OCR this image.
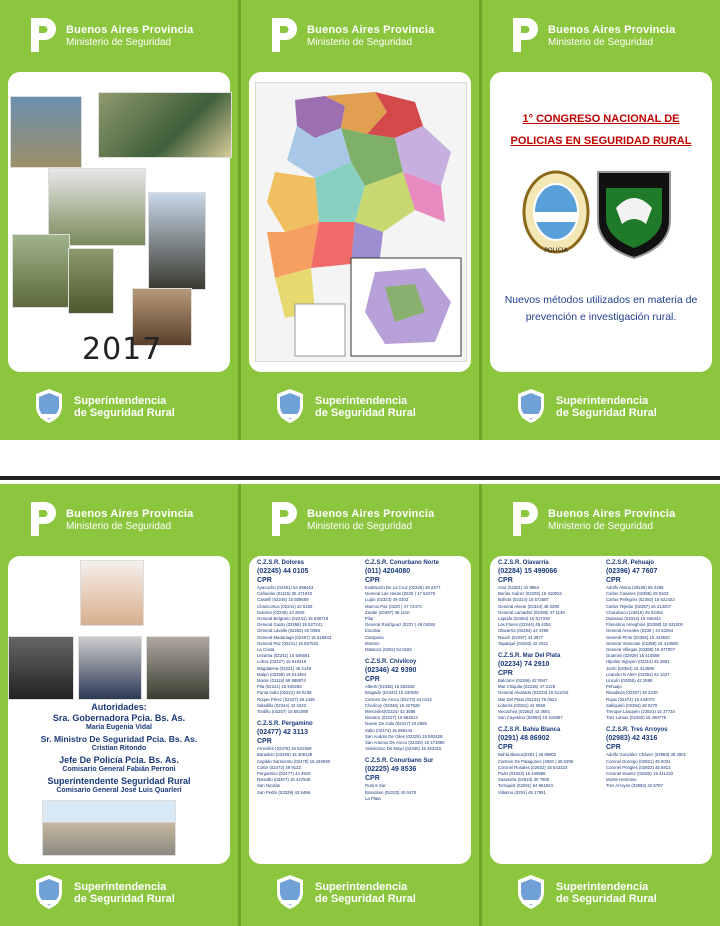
Buenos Aires Provincia
Ministerio de Seguridad
2017
Superintendencia
de Seguridad Rural
Buenos Aires Provincia
Ministerio de Seguridad
Superintendencia
de Seguridad Rural
Buenos Aires Provincia
Ministerio de Seguridad
1° CONGRESO NACIONAL DE
POLICIAS EN SEGURIDAD RURAL
POLICIA
Nuevos métodos utilizados en materia de
prevención e investigación rural.
Superintendencia
de Seguridad Rural
Buenos Aires Provincia
Ministerio de Seguridad
Autoridades:
Sra. Gobernadora Pcia. Bs. As.
María Eugenia Vidal
Sr. Ministro De Seguridad Pcia. Bs. As.
Cristian Ritondo
Jefe De Policía Pcia. Bs. As.
Comisario General Fabián Perroni
Superintendente Seguridad Rural
Comisario General José Luis Quarleri
Superintendencia
de Seguridad Rural
Buenos Aires Provincia
Ministerio de Seguridad
C.Z.S.R. Dolores
(02245) 44 0105
CPR
Ayacucho (02491) 54 696463
Cañuelas (01115) 35 471910
Castelli (02245) 15 508659
Chascomus (02241) 42 5193
Dolores (02245) 44 2826
General Belgrano (02241) 15 538718
General Guido (02268) 15 527241
General Lavalle (02252) 40 0068
General Madariaga (02267) 15 518843
General Paz (02241) 15 557532
La Costa
Lezama (02241) 15 546591
Lobos (02227) 15 618318
Magdalena (02221) 45 2149
Maipú (02268) 15 514464
Monte (01115) 69 888974
Pila (02241) 15 540266
Punta Indio (02221) 49 0238
Roque Pérez (02227) 49 1436
Saladillo (02344) 43 4223
Tordillo (02257) 15 581890
C.Z.S.R. Pergamino
(02477) 42 3113
CPR
Arrecifes (02478) 15 522369
Baradero (03329) 15 309135
Capitán Sarmiento (02478) 15 449090
Colón (02473) 49 9132
Pergamino (02477) 44 4919
Ramallo (03407) 15 447540
San Nicolás
San Pedro (03329) 43 5466
C.Z.S.R. Conurbano Norte
(011) 4204080
CPR
Exaltación De La Cruz (02326) 49 2377
General Las Heras (0220 ) 47 63479
Luján (02323) 49 0203
Marcos Paz (0220 ) 47 74473
Zarate (03487) 48 1110
Pilar
General Rodríguez (0237 ) 49 04084
Escobar
Campana
Moreno
Matanza (0202) 54 0182
C.Z.S.R. Chivilcoy
(02346) 42 9390
CPR
Alberti (02346) 15 552628
Bragado (02342) 15 430630
Carmen De Areco (02273) 44 0142
Chivilcoy (02346) 15 427528
Mercedes(02324) 43 3588
Navarro (02227) 15 563813
Nueve De Julio (02317) 43 2955
Salto (02474) 15 669142
San Andrés De Giles (02325) 15 592428
San Antonio De Areco (02325) 15 471890
Veinticinco De Mayo (02345) 15 462315
C.Z.S.R. Conurbano Sur
(02225) 49 8536
CPR
Ruta 6 Sur
Brandsen (02223) 40 0470
La Plata
Superintendencia
de Seguridad Rural
Buenos Aires Provincia
Ministerio de Seguridad
C.Z.S.R. Olavarría
(02284) 15 499066
CPR
Azul (02281) 42 8954
Benito Juárez (02292) 15 410022
Bolívar (02314) 15 572587
General Alvear (02344) 48 0280
General Lamadrid (02286) 47 1146
Laprida (02284) 15 517330
Las Flores (02244) 45 4354
Olavarría (02284) 44 4495
Rauch (02297) 44 3877
Tapalqué (02283) 42 0321
C.Z.S.R. Mar Del Plata
(02234) 74 2910
CPR
Balcarce (02266) 42 0947
Mar Chiquita (02235) 47 2128
General Alvarado (02223) 15 511043
Mar Del Plata (02234) 76 0624
Lobería (02261) 44 0969
Necochea (02262) 42 3691
San Cayetano (02983) 15 415087
C.Z.S.R. Bahía Blanca
(0291) 48 86902
CPR
Bahía Blanca(0291 ) 48 86902
Carmen De Patagones (2920 ) 26 0205
Coronel Rosales (02932) 15 543323
Puán (02923) 15 449966
Saavedra (02923) 40 7900
Tornquist (02291) 54 961524
Villarino (0291) 49 17951
C.Z.S.R. Pehuajo
(02396) 47 7607
CPR
Adolfo Alsina (29236) 65 2268
Carlos Casares (02395) 49 9103
Carlos Pellegrini (02392) 15 622422
Carlos Tejedor (02357) 15 413207
Chacabuco (23615) 45 53462
Daireaux (02314) 15 446334
Florentino Ameghino (03388) 15 531000
General Arenales (0236 ) 44 63264
General Pinto (02355) 15 443520
General Viamonte (02358) 15 410680
General Villegas (03388) 15 677007
Guamini (02929) 15 410558
Hipolito Irigoyen (02314) 45 2691
Junín (02364) 15 413695
Leandro N Alem (02354) 42 1427
Lincoln (02355) 42 2998
Pehuajo
Rivadavia (02337) 45 2230
Rojas (02474) 15 443070
Salliqueló (02394) 48 0270
Trenque Lauquen (23921) 15 37734
Tres Lomas (02392) 15 480776
C.Z.S.R. Tres Arroyos
(02983) 42 4316
CPR
Adolfo González Chávez (02983) 48 2851
Coronel Dorrego (02921) 45 0031
Coronel Pringles (02922) 46 5813
Coronel Suarez (02926) 15 411433
Monte Hermoso
Tres Arroyos (02983) 42 5787
Superintendencia
de Seguridad Rural
